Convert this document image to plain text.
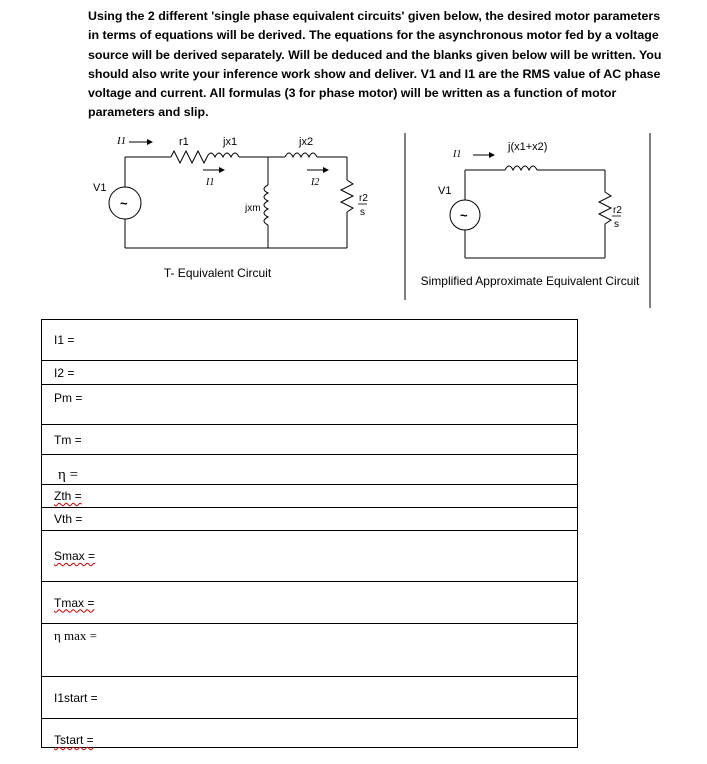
Using the 2 different 'single phase equivalent circuits' given below, the desired motor parameters in terms of equations will be derived. The equations for the asynchronous motor fed by a voltage source will be derived separately. Will be deduced and the blanks given below will be written. You should also write your inference work show and deliver. V1 and I1 are the RMS value of AC phase voltage and current. All formulas (3 for phase motor) will be written as a function of motor parameters and slip.
I1	r1	jx1	jx2
I1	I2
V1
jxm
r2
s
~
I1
j(x1+x2)
V1
r2
s
~
T- Equivalent Circuit
Simplified Approximate Equivalent Circuit
I1 =
I2 =
Pm =
Tm =
η =
Zth =
Vth =
Smax =
Tmax =
η max =
I1start =
Tstart =
